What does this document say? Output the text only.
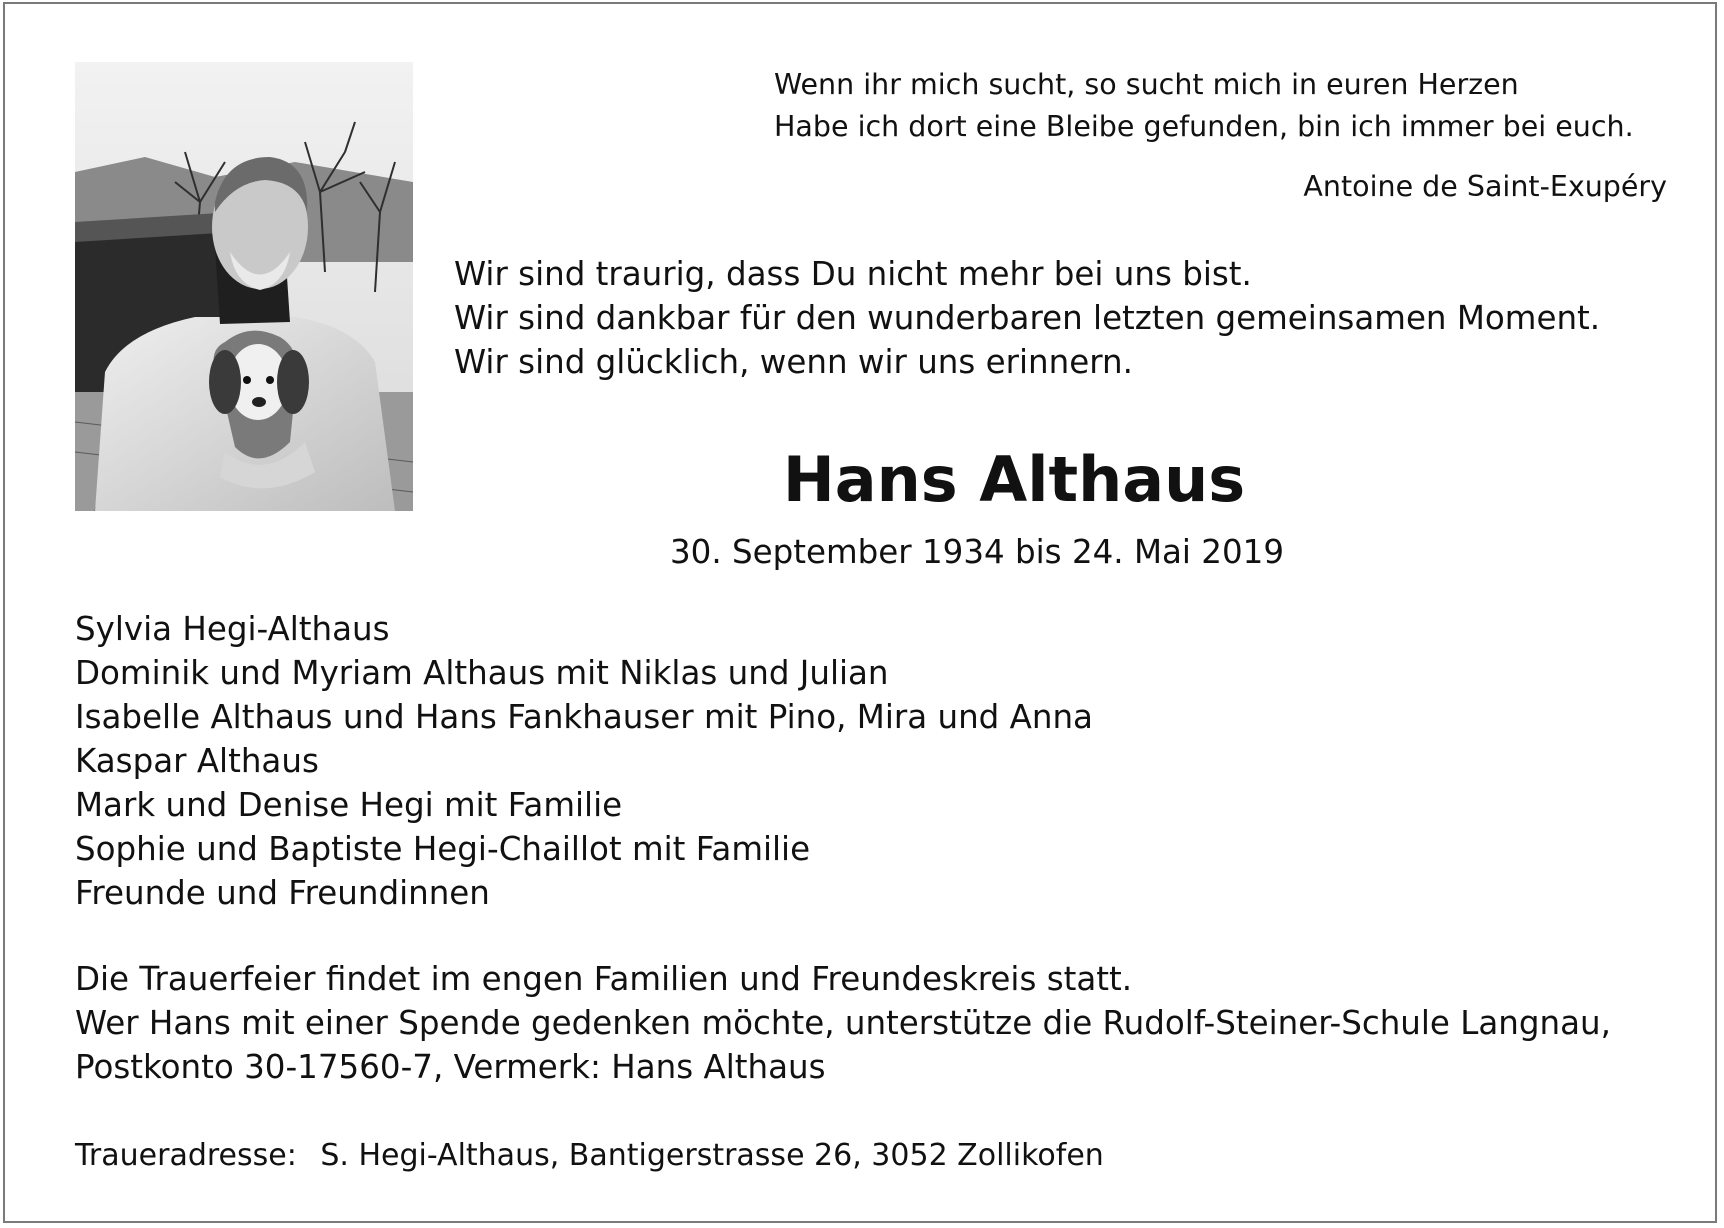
Wenn ihr mich sucht, so sucht mich in euren Herzen
Habe ich dort eine Bleibe gefunden, bin ich immer bei euch.
Antoine de Saint-Exupéry
Wir sind traurig, dass Du nicht mehr bei uns bist.
Wir sind dankbar für den wunderbaren letzten gemeinsamen Moment.
Wir sind glücklich, wenn wir uns erinnern.
Hans Althaus
30. September 1934 bis 24. Mai 2019
Sylvia Hegi-Althaus
Dominik und Myriam Althaus mit Niklas und Julian
Isabelle Althaus und Hans Fankhauser mit Pino, Mira und Anna
Kaspar Althaus
Mark und Denise Hegi mit Familie
Sophie und Baptiste Hegi-Chaillot mit Familie
Freunde und Freundinnen
Die Trauerfeier findet im engen Familien und Freundeskreis statt.
Wer Hans mit einer Spende gedenken möchte, unterstütze die Rudolf-Steiner-Schule Langnau,
Postkonto 30-17560-7, Vermerk: Hans Althaus
Traueradresse: S. Hegi-Althaus, Bantigerstrasse 26, 3052 Zollikofen
